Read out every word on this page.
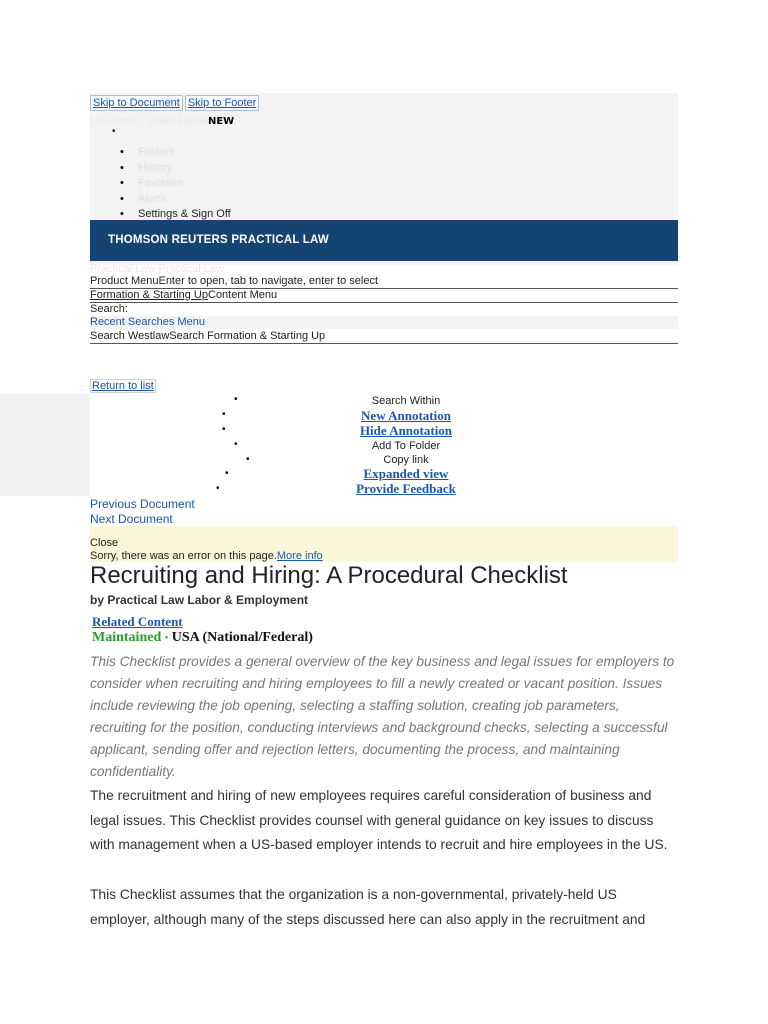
Skip to Document Skip to Footer
US Home · Client HomeNEW
•
• Folders
• History
• Favorites
• Alerts
• Settings & Sign Off
THOMSON REUTERS PRACTICAL LAW
Practical Law Practical Law
Product MenuEnter to open, tab to navigate, enter to select
Formation & Starting UpContent Menu
Search:
Recent Searches Menu
Search WestlawSearch Formation & Starting Up
Return to list
•
•
•
•
•
•
•
Search Within
New Annotation
Hide Annotation
Add To Folder
Copy link
Expanded view
Provide Feedback
Previous Document
Next Document
Close
Sorry, there was an error on this page.More info
Recruiting and Hiring: A Procedural Checklist
by Practical Law Labor & Employment
Related Content
Maintained • USA (National/Federal)
This Checklist provides a general overview of the key business and legal issues for employers to consider when recruiting and hiring employees to fill a newly created or vacant position. Issues include reviewing the job opening, selecting a staffing solution, creating job parameters, recruiting for the position, conducting interviews and background checks, selecting a successful applicant, sending offer and rejection letters, documenting the process, and maintaining confidentiality.
The recruitment and hiring of new employees requires careful consideration of business and legal issues. This Checklist provides counsel with general guidance on key issues to discuss with management when a US-based employer intends to recruit and hire employees in the US.
This Checklist assumes that the organization is a non-governmental, privately-held US employer, although many of the steps discussed here can also apply in the recruitment and
